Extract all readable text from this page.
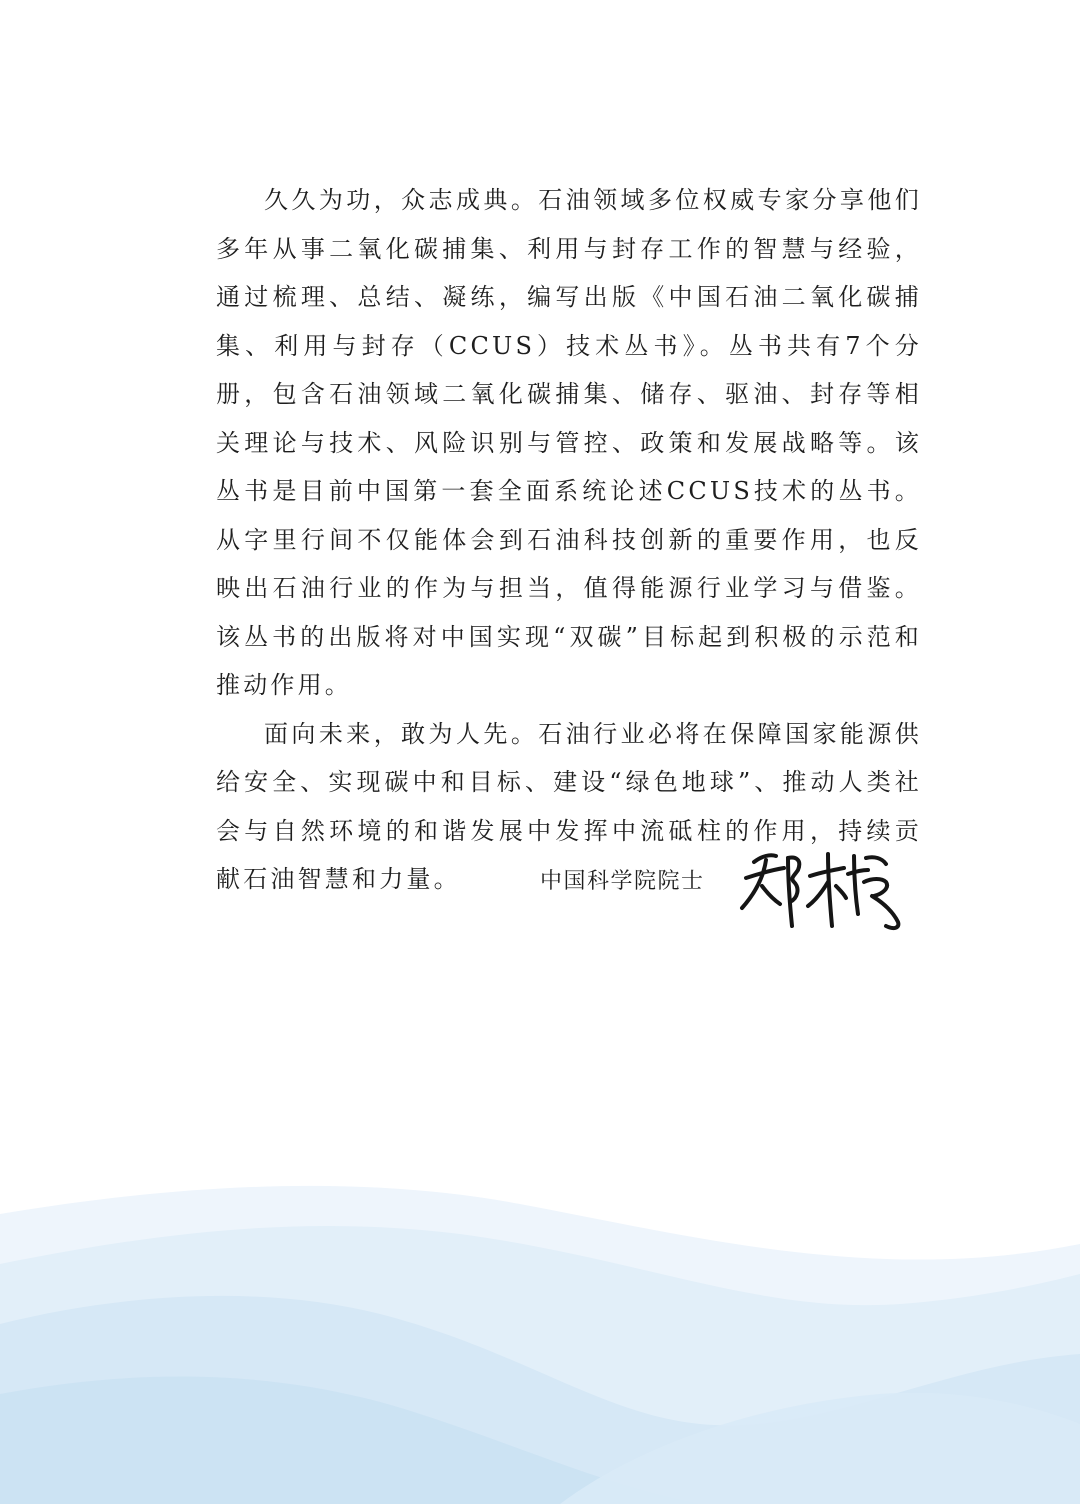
久久为功，众志成典。石油领域多位权威专家分享他们多年从事二氧化碳捕集、利用与封存工作的智慧与经验，通过梳理、总结、凝练，编写出版《中国石油二氧化碳捕集、利用与封存（CCUS）技术丛书》。丛书共有7个分册，包含石油领域二氧化碳捕集、储存、驱油、封存等相关理论与技术、风险识别与管控、政策和发展战略等。该丛书是目前中国第一套全面系统论述CCUS技术的丛书。从字里行间不仅能体会到石油科技创新的重要作用，也反映出石油行业的作为与担当，值得能源行业学习与借鉴。该丛书的出版将对中国实现“双碳”目标起到积极的示范和推动作用。

面向未来，敢为人先。石油行业必将在保障国家能源供给安全、实现碳中和目标、建设“绿色地球”、推动人类社会与自然环境的和谐发展中发挥中流砥柱的作用，持续贡献石油智慧和力量。	中国科学院院士
